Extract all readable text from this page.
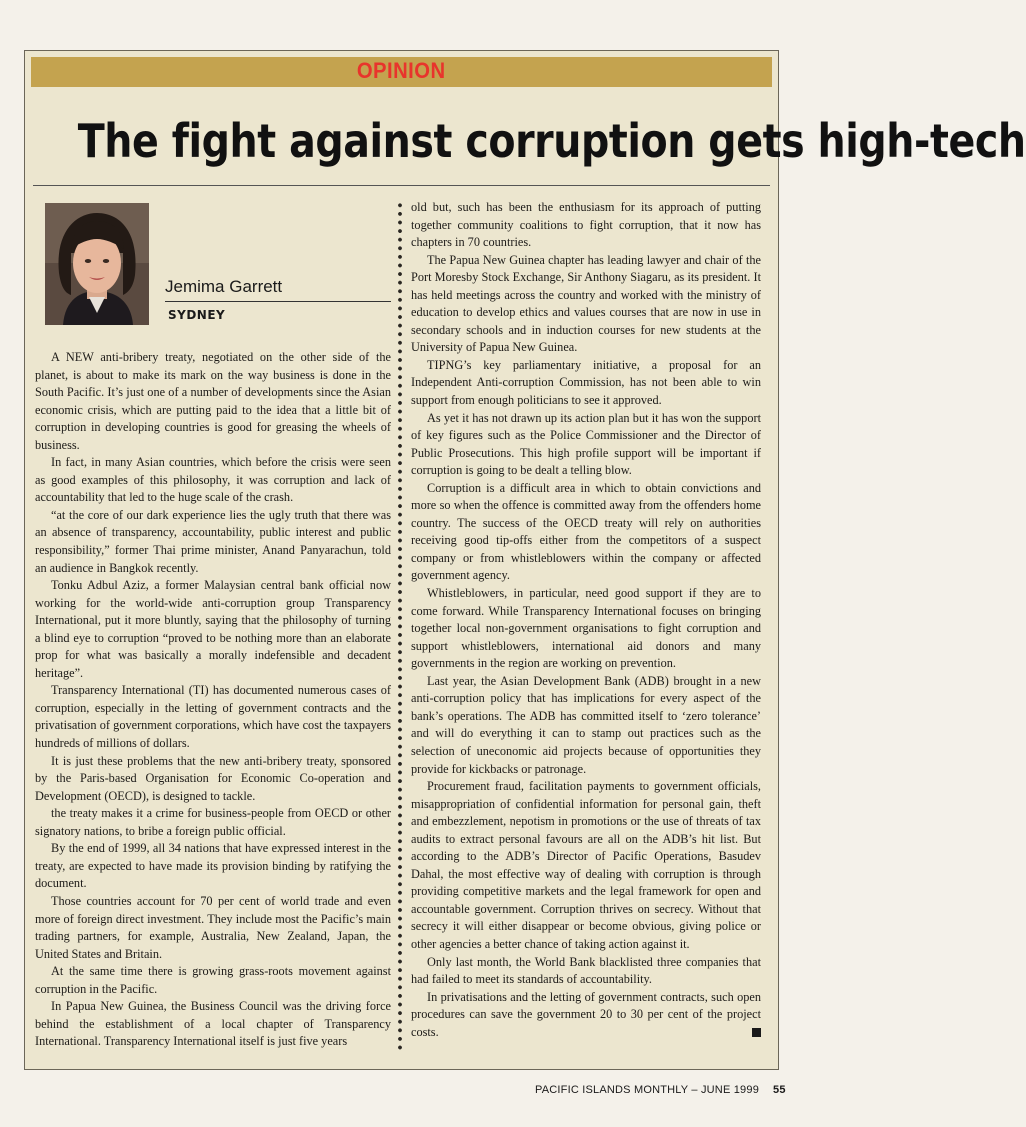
OPINION
The fight against corruption gets high-tech
Jemima Garrett
SYDNEY

A NEW anti-bribery treaty, negotiated on the other side of the planet, is about to make its mark on the way business is done in the South Pacific. It’s just one of a number of developments since the Asian economic crisis, which are putting paid to the idea that a little bit of corruption in developing countries is good for greasing the wheels of business.

In fact, in many Asian countries, which before the crisis were seen as good examples of this philosophy, it was corruption and lack of accountability that led to the huge scale of the crash.

“at the core of our dark experience lies the ugly truth that there was an absence of transparency, accountability, public interest and public responsibility,” former Thai prime minister, Anand Panyarachun, told an audience in Bangkok recently.

Tonku Adbul Aziz, a former Malaysian central bank official now working for the world-wide anti-corruption group Transparency International, put it more bluntly, saying that the philosophy of turning a blind eye to corruption “proved to be nothing more than an elaborate prop for what was basically a morally indefensible and decadent heritage”.

Transparency International (TI) has documented numerous cases of corruption, especially in the letting of government contracts and the privatisation of government corporations, which have cost the taxpayers hundreds of millions of dollars.

It is just these problems that the new anti-bribery treaty, sponsored by the Paris-based Organisation for Economic Co-operation and Development (OECD), is designed to tackle.

the treaty makes it a crime for business-people from OECD or other signatory nations, to bribe a foreign public official.

By the end of 1999, all 34 nations that have expressed interest in the treaty, are expected to have made its provision binding by ratifying the document.

Those countries account for 70 per cent of world trade and even more of foreign direct investment. They include most the Pacific’s main trading partners, for example, Australia, New Zealand, Japan, the United States and Britain.

At the same time there is growing grass-roots movement against corruption in the Pacific.

In Papua New Guinea, the Business Council was the driving force behind the establishment of a local chapter of Transparency International. Transparency International itself is just five years

old but, such has been the enthusiasm for its approach of putting together community coalitions to fight corruption, that it now has chapters in 70 countries.

The Papua New Guinea chapter has leading lawyer and chair of the Port Moresby Stock Exchange, Sir Anthony Siagaru, as its president. It has held meetings across the country and worked with the ministry of education to develop ethics and values courses that are now in use in secondary schools and in induction courses for new students at the University of Papua New Guinea.

TIPNG’s key parliamentary initiative, a proposal for an Independent Anti-corruption Commission, has not been able to win support from enough politicians to see it approved.

As yet it has not drawn up its action plan but it has won the support of key figures such as the Police Commissioner and the Director of Public Prosecutions. This high profile support will be important if corruption is going to be dealt a telling blow.

Corruption is a difficult area in which to obtain convictions and more so when the offence is committed away from the offenders home country. The success of the OECD treaty will rely on authorities receiving good tip-offs either from the competitors of a suspect company or from whistleblowers within the company or affected government agency.

Whistleblowers, in particular, need good support if they are to come forward. While Transparency International focuses on bringing together local non-government organisations to fight corruption and support whistleblowers, international aid donors and many governments in the region are working on prevention.

Last year, the Asian Development Bank (ADB) brought in a new anti-corruption policy that has implications for every aspect of the bank’s operations. The ADB has committed itself to ‘zero tolerance’ and will do everything it can to stamp out practices such as the selection of uneconomic aid projects because of opportunities they provide for kickbacks or patronage.

Procurement fraud, facilitation payments to government officials, misappropriation of confidential information for personal gain, theft and embezzlement, nepotism in promotions or the use of threats of tax audits to extract personal favours are all on the ADB’s hit list. But according to the ADB’s Director of Pacific Operations, Basudev Dahal, the most effective way of dealing with corruption is through providing competitive markets and the legal framework for open and accountable government. Corruption thrives on secrecy. Without that secrecy it will either disappear or become obvious, giving police or other agencies a better chance of taking action against it.

Only last month, the World Bank blacklisted three companies that had failed to meet its standards of accountability.

In privatisations and the letting of government contracts, such open procedures can save the government 20 to 30 per cent of the project costs.

PACIFIC ISLANDS MONTHLY – JUNE 1999 55
